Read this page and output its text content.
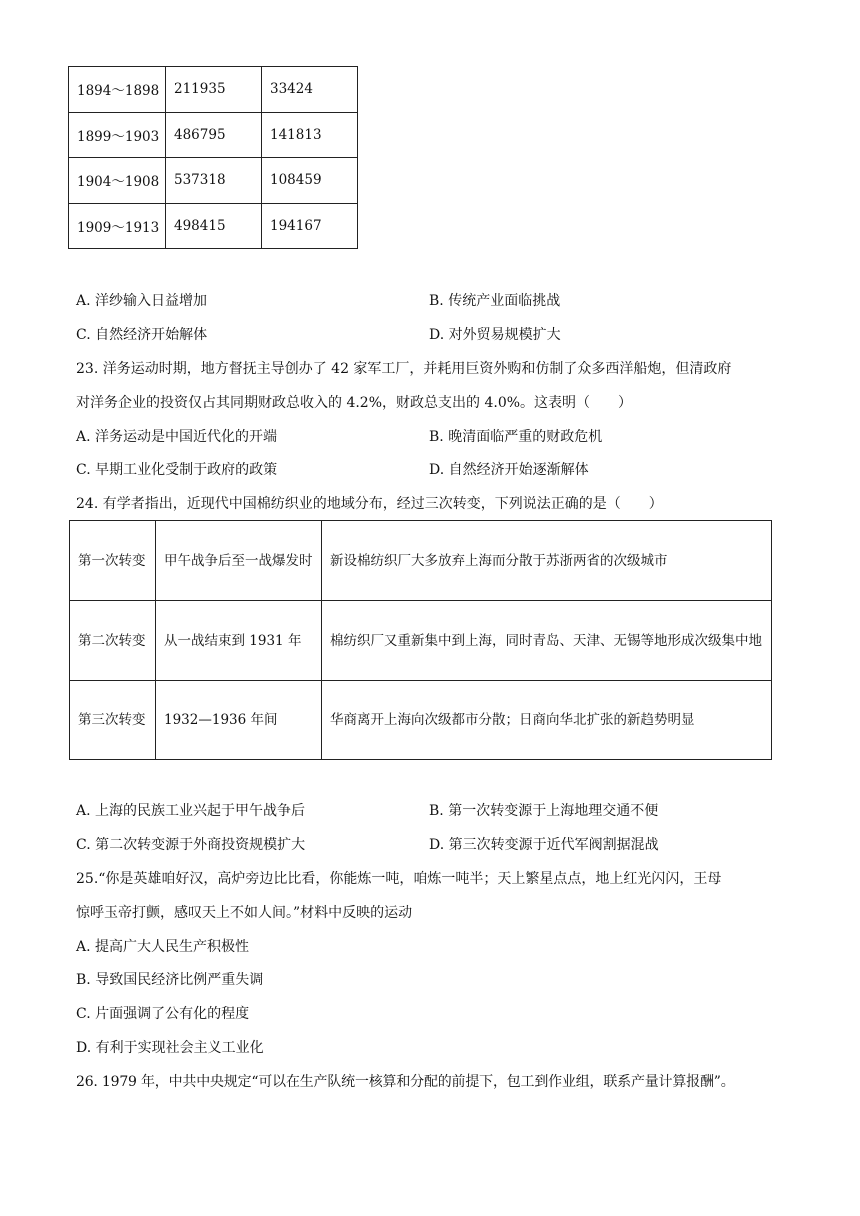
1894～1898	211935	33424
1899～1903	486795	141813
1904～1908	537318	108459
1909～1913	498415	194167
A. 洋纱输入日益增加	B. 传统产业面临挑战
C. 自然经济开始解体	D. 对外贸易规模扩大
23. 洋务运动时期，地方督抚主导创办了 42 家军工厂，并耗用巨资外购和仿制了众多西洋船炮，但清政府
对洋务企业的投资仅占其同期财政总收入的 4.2%，财政总支出的 4.0%。这表明（　　）
A. 洋务运动是中国近代化的开端	B. 晚清面临严重的财政危机
C. 早期工业化受制于政府的政策	D. 自然经济开始逐渐解体
24. 有学者指出，近现代中国棉纺织业的地域分布，经过三次转变，下列说法正确的是（　　）
第一次转变	甲午战争后至一战爆发时	新设棉纺织厂大多放弃上海而分散于苏浙两省的次级城市
第二次转变	从一战结束到 1931 年	棉纺织厂又重新集中到上海，同时青岛、天津、无锡等地形成次级集中地
第三次转变	1932—1936 年间	华商离开上海向次级都市分散；日商向华北扩张的新趋势明显
A. 上海的民族工业兴起于甲午战争后	B. 第一次转变源于上海地理交通不便
C. 第二次转变源于外商投资规模扩大	D. 第三次转变源于近代军阀割据混战
25.“你是英雄咱好汉，高炉旁边比比看，你能炼一吨，咱炼一吨半；天上繁星点点，地上红光闪闪，王母
惊呼玉帝打颤，感叹天上不如人间。”材料中反映的运动
A. 提高广大人民生产积极性
B. 导致国民经济比例严重失调
C. 片面强调了公有化的程度
D. 有利于实现社会主义工业化
26. 1979 年，中共中央规定“可以在生产队统一核算和分配的前提下，包工到作业组，联系产量计算报酬”。
